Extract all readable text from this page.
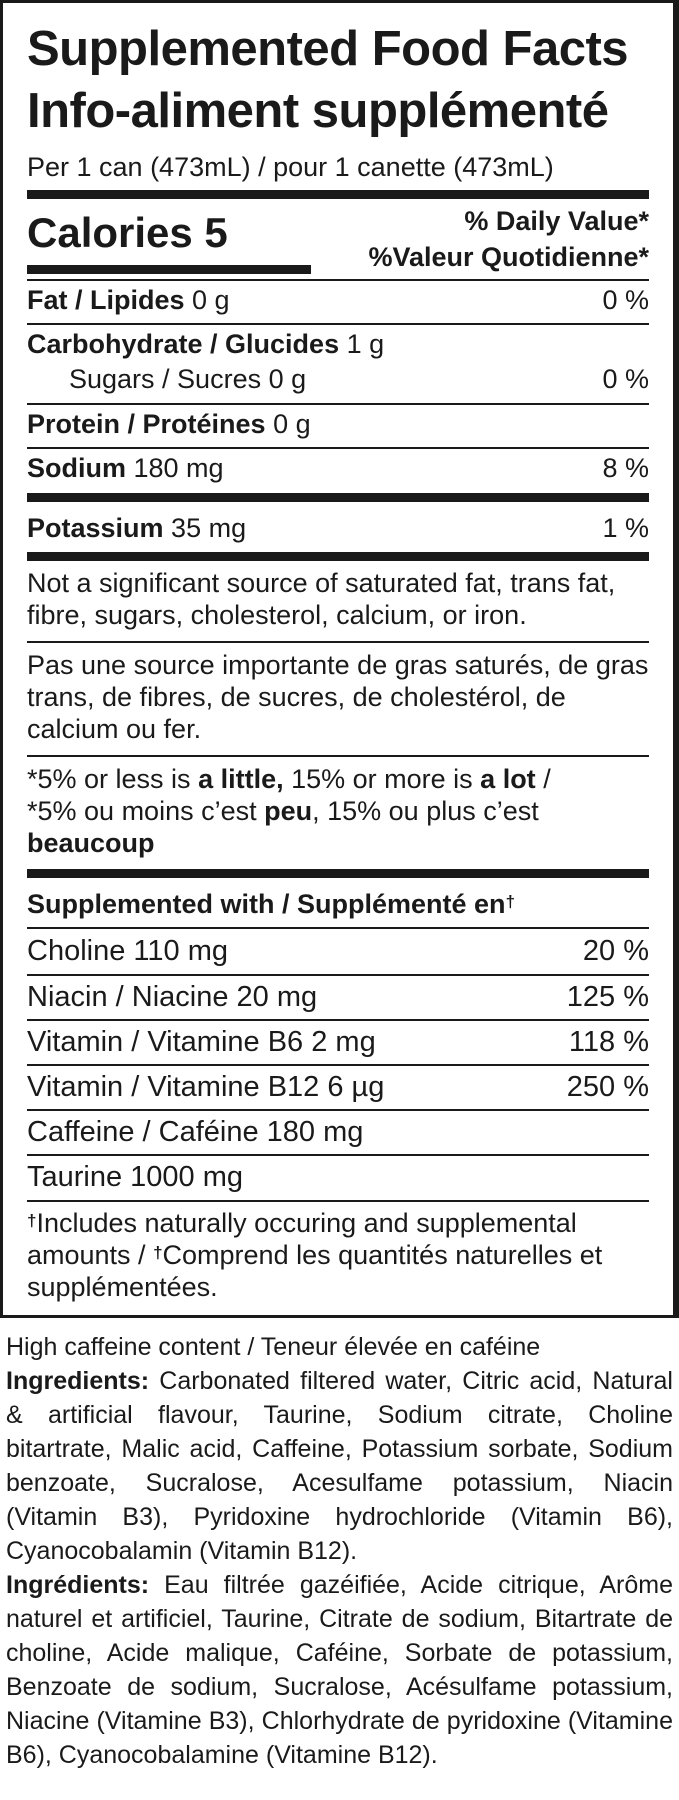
Supplemented Food Facts
Info-aliment supplémenté
Per 1 can (473mL) / pour 1 canette (473mL)
Calories 5	% Daily Value*
%Valeur Quotidienne*
Fat / Lipides 0 g	0 %
Carbohydrate / Glucides 1 g
Sugars / Sucres 0 g	0 %
Protein / Protéines 0 g
Sodium 180 mg	8 %
Potassium 35 mg	1 %
Not a significant source of saturated fat, trans fat, fibre, sugars, cholesterol, calcium, or iron.
Pas une source importante de gras saturés, de gras trans, de fibres, de sucres, de cholestérol, de calcium ou fer.
*5% or less is a little, 15% or more is a lot /
*5% ou moins c’est peu, 15% ou plus c’est
beaucoup
Supplemented with / Supplémenté en†
Choline 110 mg	20 %
Niacin / Niacine 20 mg	125 %
Vitamin / Vitamine B6 2 mg	118 %
Vitamin / Vitamine B12 6 µg	250 %
Caffeine / Caféine 180 mg
Taurine 1000 mg
†Includes naturally occuring and supplemental amounts / †Comprend les quantités naturelles et supplémentées.

High caffeine content / Teneur élevée en caféine

Ingredients: Carbonated filtered water, Citric acid, Natural & artificial flavour, Taurine, Sodium citrate, Choline bitartrate, Malic acid, Caffeine, Potassium sorbate, Sodium benzoate, Sucralose, Acesulfame potassium, Niacin (Vitamin B3), Pyridoxine hydrochloride (Vitamin B6), Cyanocobalamin (Vitamin B12).

Ingrédients: Eau filtrée gazéifiée, Acide citrique, Arôme naturel et artificiel, Taurine, Citrate de sodium, Bitartrate de choline, Acide malique, Caféine, Sorbate de potassium, Benzoate de sodium, Sucralose, Acésulfame potassium, Niacine (Vitamine B3), Chlorhydrate de pyridoxine (Vitamine B6), Cyanocobalamine (Vitamine B12).
